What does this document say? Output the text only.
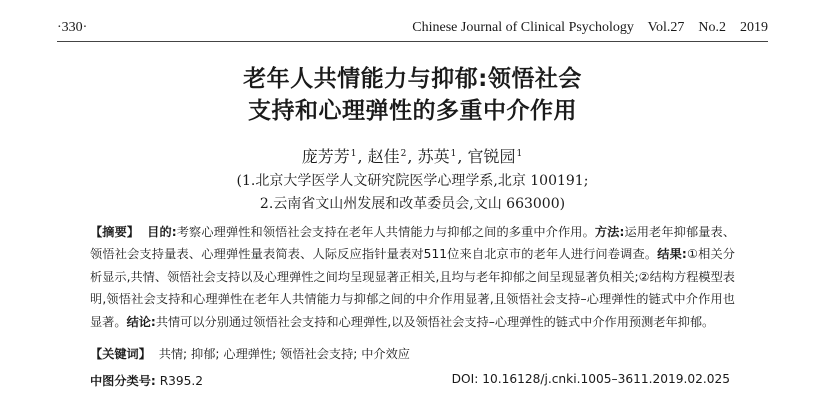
·330·	Chinese Journal of Clinical Psychology Vol.27 No.2 2019
老年人共情能力与抑郁:领悟社会
支持和心理弹性的多重中介作用
庞芳芳$^1$, 赵佳$^2$, 苏英$^1$, 官锐园$^1$
(1.北京大学医学人文研究院医学心理学系,北京 100191;
2.云南省文山州发展和改革委员会,文山 663000)
【摘要】 目的:考察心理弹性和领悟社会支持在老年人共情能力与抑郁之间的多重中介作用。方法:运用老年抑郁量表、领悟社会支持量表、心理弹性量表简表、人际反应指针量表对511位来自北京市的老年人进行问卷调查。结果:①相关分析显示,共情、领悟社会支持以及心理弹性之间均呈现显著正相关,且均与老年抑郁之间呈现显著负相关;②结构方程模型表明,领悟社会支持和心理弹性在老年人共情能力与抑郁之间的中介作用显著,且领悟社会支持–心理弹性的链式中介作用也显著。结论:共情可以分别通过领悟社会支持和心理弹性,以及领悟社会支持–心理弹性的链式中介作用预测老年抑郁。
【关键词】 共情; 抑郁; 心理弹性; 领悟社会支持; 中介效应
中图分类号: R395.2	DOI: 10.16128/j.cnki.1005–3611.2019.02.025
